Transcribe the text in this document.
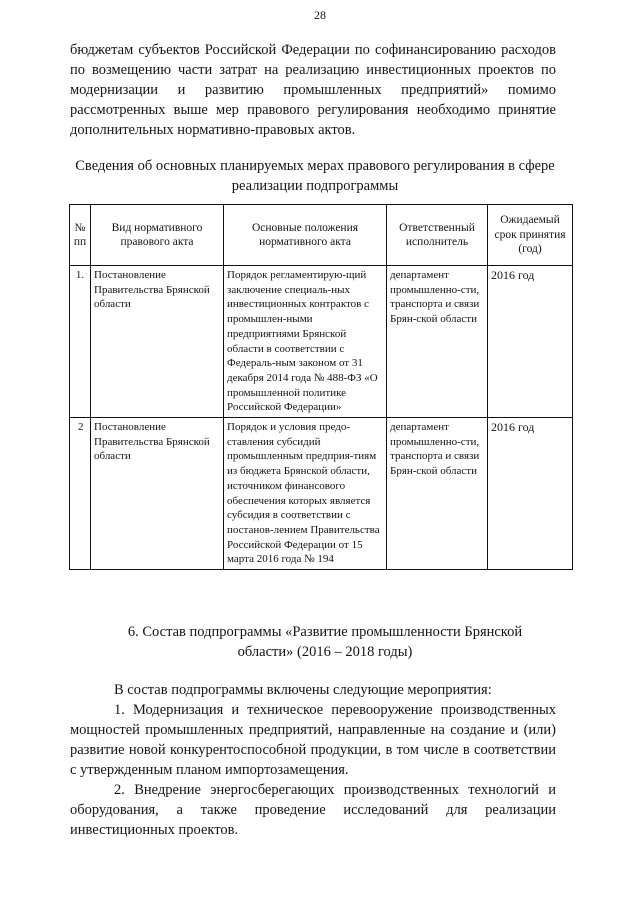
28

бюджетам субъектов Российской Федерации по софинансированию расходов по возмещению части затрат на реализацию инвестиционных проектов по модернизации и развитию промышленных предприятий» помимо рассмотренных выше мер правового регулирования необходимо принятие дополнительных нормативно-правовых актов.

Сведения об основных планируемых мерах правового регулирования в сфере реализации подпрограммы
№ пп	Вид нормативного правового акта	Основные положения нормативного акта	Ответственный исполнитель	Ожидаемый срок принятия (год)
1.	Постановление Правительства Брянской области	Порядок регламентирую-щий заключение специаль-ных инвестиционных контрактов с промышлен-ными предприятиями Брянской области в соответствии с Федераль-ным законом от 31 декабря 2014 года № 488-ФЗ «О промышленной политике Российской Федерации»	департамент промышленно-сти, транспорта и связи Брян-ской области	2016 год
2	Постановление Правительства Брянской области	Порядок и условия предо-ставления субсидий промышленным предприя-тиям из бюджета Брянской области, источником финансового обеспечения которых является субсидия в соответствии с постанов-лением Правительства Российской Федерации от 15 марта 2016 года № 194	департамент промышленно-сти, транспорта и связи Брян-ской области	2016 год
6. Состав подпрограммы «Развитие промышленности Брянской области» (2016 – 2018 годы)

В состав подпрограммы включены следующие мероприятия:

1. Модернизация и техническое перевооружение производственных мощностей промышленных предприятий, направленные на создание и (или) развитие новой конкурентоспособной продукции, в том числе в соответствии с утвержденным планом импортозамещения.

2. Внедрение энергосберегающих производственных технологий и оборудования, а также проведение исследований для реализации инвестиционных проектов.
